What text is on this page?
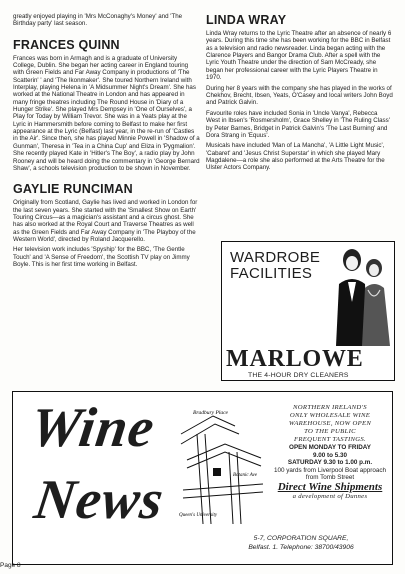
greatly enjoyed playing in 'Mrs McConaghy's Money' and 'The Birthday party' last season.

FRANCES QUINN

Frances was born in Armagh and is a graduate of University College, Dublin. She began her acting career in England touring with Green Fields and Far Away Company in productions of 'The Scatterin' ' and 'The Ikonmaker'. She toured Northern Ireland with Interplay, playing Helena in 'A Midsummer Night's Dream'. She has worked at the National Theatre in London and has appeared in many fringe theatres including The Round House in 'Diary of a Hunger Strike'. She played Mrs Dempsey in 'One of Ourselves', a Play for Today by William Trevor. She was in a Yeats play at the Lyric in Hammersmith before coming to Belfast to make her first appearance at the Lyric (Belfast) last year, in the re-run of 'Castles in the Air'. Since then, she has played Minnie Powell in 'Shadow of a Gunman', Theresa in 'Tea in a China Cup' and Eliza in 'Pygmalion'. She recently played Kate in 'Hitler's The Boy', a radio play by John Rooney and will be heard doing the commentary in 'George Bernard Shaw', a schools television production to be shown in November.

GAYLIE RUNCIMAN

Originally from Scotland, Gaylie has lived and worked in London for the last seven years. She started with the 'Smallest Show on Earth' Touring Circus—as a magician's assistant and a circus ghost. She has also worked at the Royal Court and Traverse Theatres as well as the Green Fields and Far Away Company in 'The Playboy of the Western World', directed by Roland Jacquerello.

Her television work includes 'Spyship' for the BBC, 'The Gentle Touch' and 'A Sense of Freedom', the Scottish TV play on Jimmy Boyle. This is her first time working in Belfast.

LINDA WRAY

Linda Wray returns to the Lyric Theatre after an absence of nearly 6 years. During this time she has been working for the BBC in Belfast as a television and radio newsreader. Linda began acting with the Clarence Players and Bangor Drama Club. After a spell with the Lyric Youth Theatre under the direction of Sam McCready, she began her professional career with the Lyric Players Theatre in 1970.

During her 8 years with the company she has played in the works of Chekhov, Brecht, Ibsen, Yeats, O'Casey and local writers John Boyd and Patrick Galvin.

Favourite roles have included Sonia in 'Uncle Vanya', Rebecca West in Ibsen's 'Rosmersholm', Grace Shelley in 'The Ruling Class' by Peter Barnes, Bridget in Patrick Galvin's 'The Last Burning' and Dora Strang in 'Equus'.

Musicals have included 'Man of La Mancha', 'A Little Light Music', 'Cabaret' and 'Jesus Christ Superstar' in which she played Mary Magdalene—a role she also performed at the Arts Theatre for the Ulster Actors Company.

WARDROBE
FACILITIES
MARLOWE
THE 4-HOUR DRY CLEANERS
Wine
News
Bradbury Place
Botanic Ave
Queen's University
NORTHERN IRELAND'S
ONLY WHOLESALE WINE
WAREHOUSE, NOW OPEN
TO THE PUBLIC
FREQUENT TASTINGS.
OPEN MONDAY TO FRIDAY
9.00 to 5.30
SATURDAY 9.30 to 1.00 p.m.
100 yards from Liverpool Boat approach from Tomb Street
Direct Wine Shipments
a development of Dunnes
5-7, CORPORATION SQUARE,
Belfast. 1. Telephone: 38700/43906
Page 8
